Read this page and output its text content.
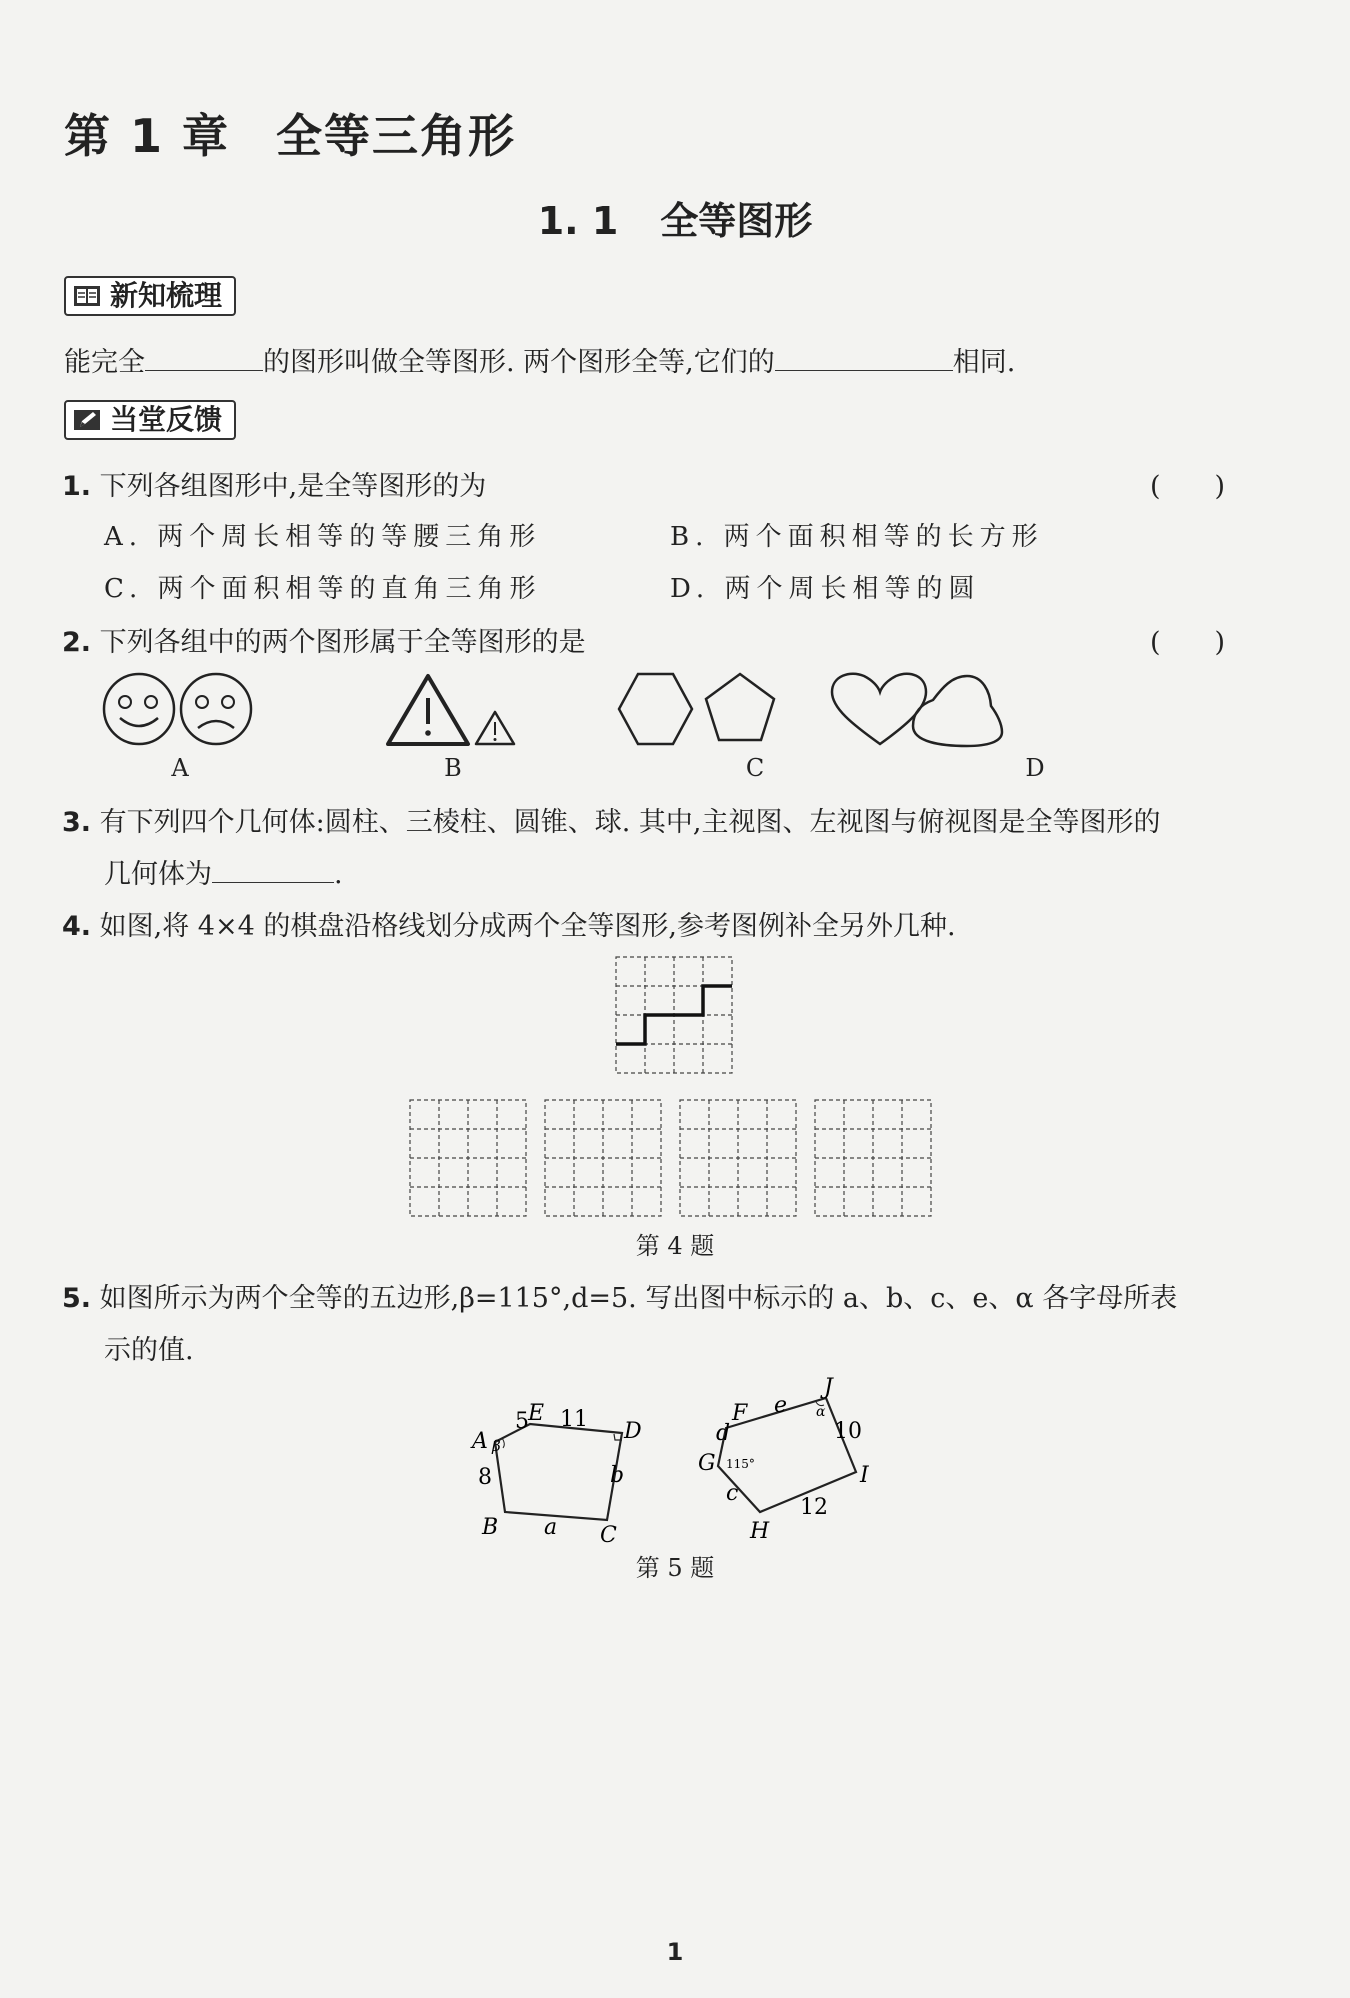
第 1 章 全等三角形
1. 1 全等图形
新知梳理
能完全	的图形叫做全等图形. 两个图形全等,它们的	相同.
当堂反馈
1. 下列各组图形中,是全等图形的为	(　　)
A. 两个周长相等的等腰三角形	B. 两个面积相等的长方形
C. 两个面积相等的直角三角形	D. 两个周长相等的圆
2. 下列各组中的两个图形属于全等图形的是	(　　)
A	B	C	D
3. 有下列四个几何体:圆柱、三棱柱、圆锥、球. 其中,主视图、左视图与俯视图是全等图形的
几何体为	.
4. 如图,将 4×4 的棋盘沿格线划分成两个全等图形,参考图例补全另外几种.
第 4 题
5. 如图所示为两个全等的五边形,β=115°,d=5. 写出图中标示的 a、b、c、e、α 各字母所表
示的值.
5 E 11 D
A β
8	b
B a C
F e
J
α
10
d
G 115°	I
c
12
H
第 5 题
1
